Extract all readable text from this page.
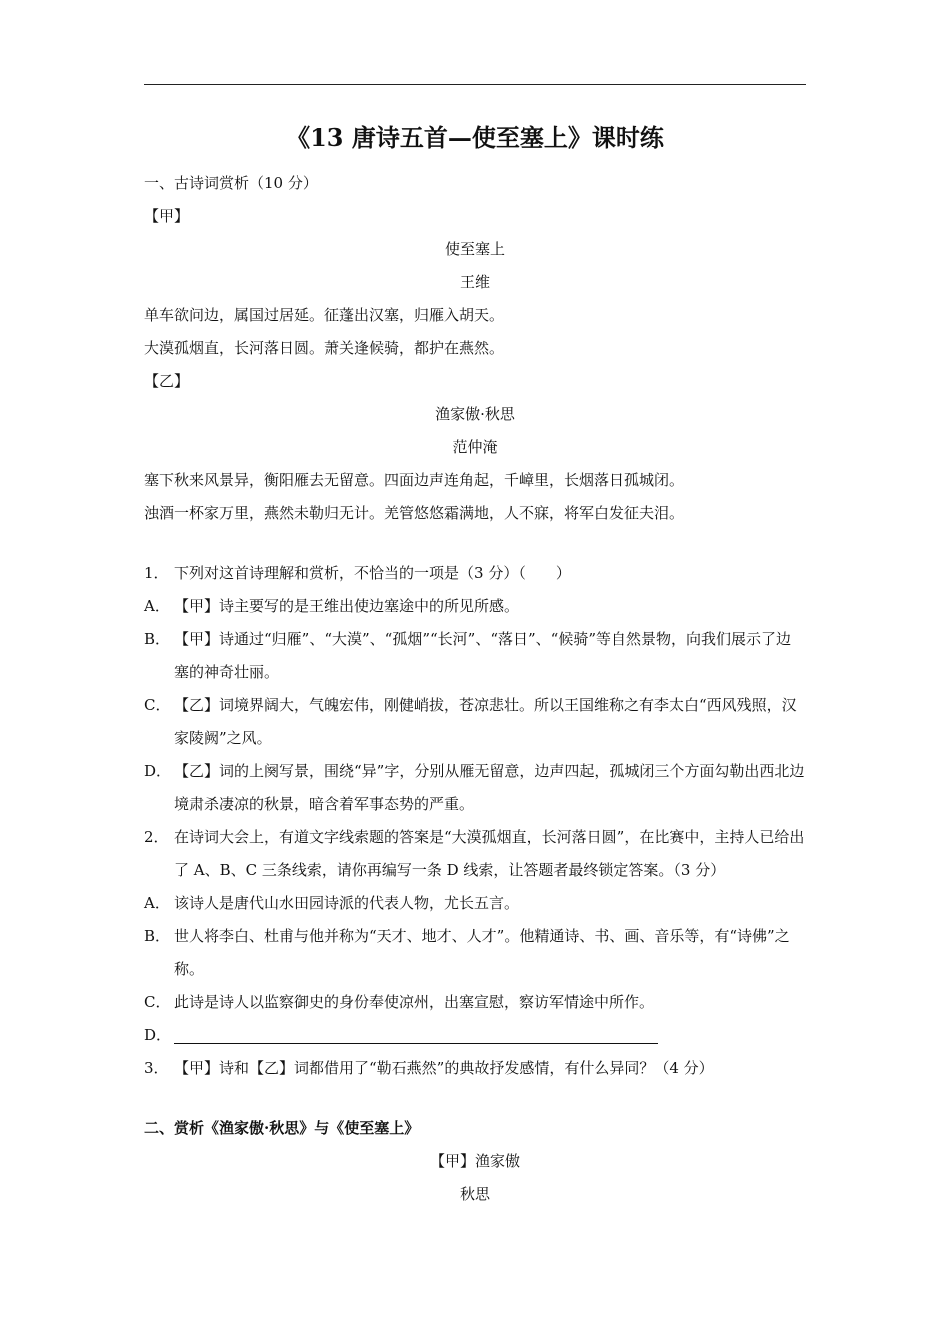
《13 唐诗五首—使至塞上》课时练
一、古诗词赏析（10 分）
【甲】
使至塞上
王维
单车欲问边，属国过居延。征蓬出汉塞，归雁入胡天。
大漠孤烟直，长河落日圆。萧关逢候骑，都护在燕然。
【乙】
渔家傲·秋思
范仲淹
塞下秋来风景异，衡阳雁去无留意。四面边声连角起，千嶂里，长烟落日孤城闭。
浊酒一杯家万里，燕然未勒归无计。羌管悠悠霜满地，人不寐，将军白发征夫泪。
1． 下列对这首诗理解和赏析，不恰当的一项是（3 分）（　　）
A． 【甲】诗主要写的是王维出使边塞途中的所见所感。
B． 【甲】诗通过“归雁”、“大漠”、“孤烟”“长河”、“落日”、“候骑”等自然景物，向我们展示了边塞的神奇壮丽。
C． 【乙】词境界阔大，气魄宏伟，刚健峭拔，苍凉悲壮。所以王国维称之有李太白“西风残照，汉家陵阙”之风。
D． 【乙】词的上阕写景，围绕“异”字，分别从雁无留意，边声四起，孤城闭三个方面勾勒出西北边境肃杀凄凉的秋景，暗含着军事态势的严重。
2． 在诗词大会上，有道文字线索题的答案是“大漠孤烟直，长河落日圆”，在比赛中，主持人已给出了 A、B、C 三条线索，请你再编写一条 D 线索，让答题者最终锁定答案。（3 分）
A． 该诗人是唐代山水田园诗派的代表人物，尤长五言。
B． 世人将李白、杜甫与他并称为“天才、地才、人才”。他精通诗、书、画、音乐等，有“诗佛”之称。
C． 此诗是诗人以监察御史的身份奉使凉州，出塞宣慰，察访军情途中所作。
D．
3． 【甲】诗和【乙】词都借用了“勒石燕然”的典故抒发感情，有什么异同？（4 分）
二、赏析《渔家傲·秋思》与《使至塞上》
【甲】渔家傲
秋思
